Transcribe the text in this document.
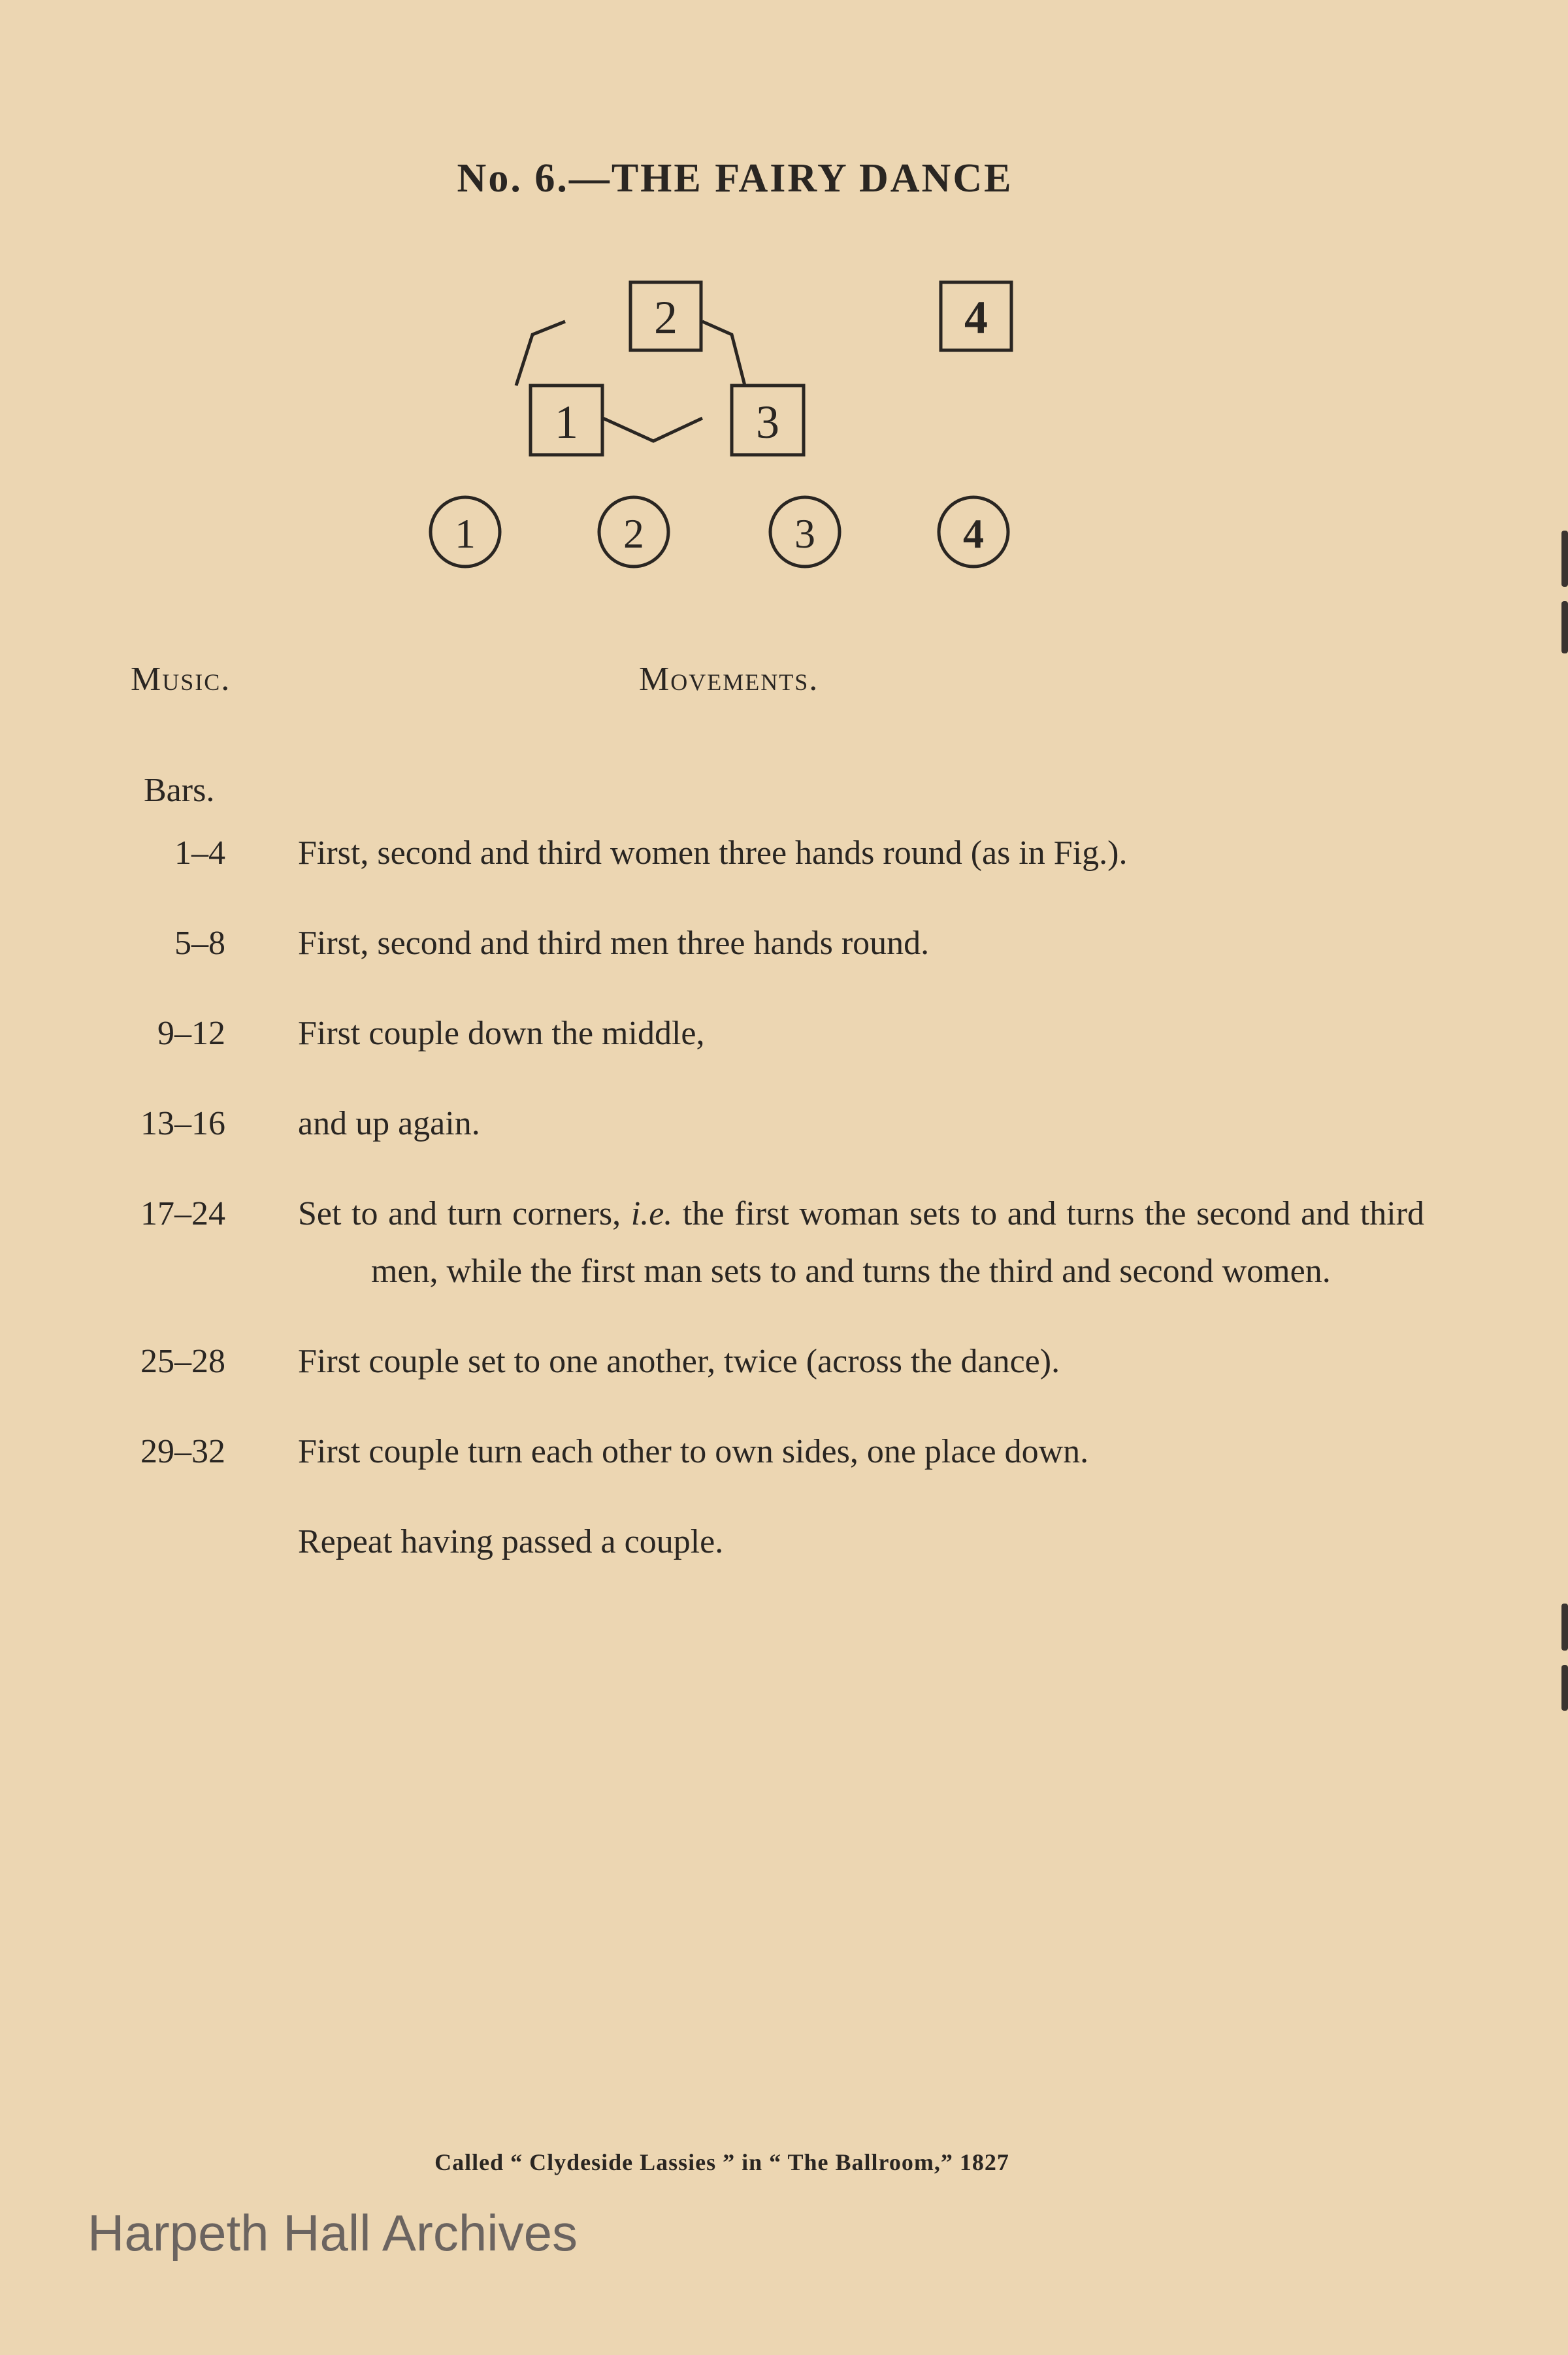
No. 6.—THE FAIRY DANCE
2	4
1	3
1	2	3	4
Music.	Movements.
Bars.
1–4 First, second and third women three hands round (as in Fig.).
5–8 First, second and third men three hands round.
9–12 First couple down the middle,
13–16 and up again.
17–24 Set to and turn corners, i.e. the first woman sets to and turns the second and third men, while the first man sets to and turns the third and second women.
25–28 First couple set to one another, twice (across the dance).
29–32 First couple turn each other to own sides, one place down.
Repeat having passed a couple.
Called “ Clydeside Lassies ” in “ The Ballroom,” 1827
Harpeth Hall Archives
